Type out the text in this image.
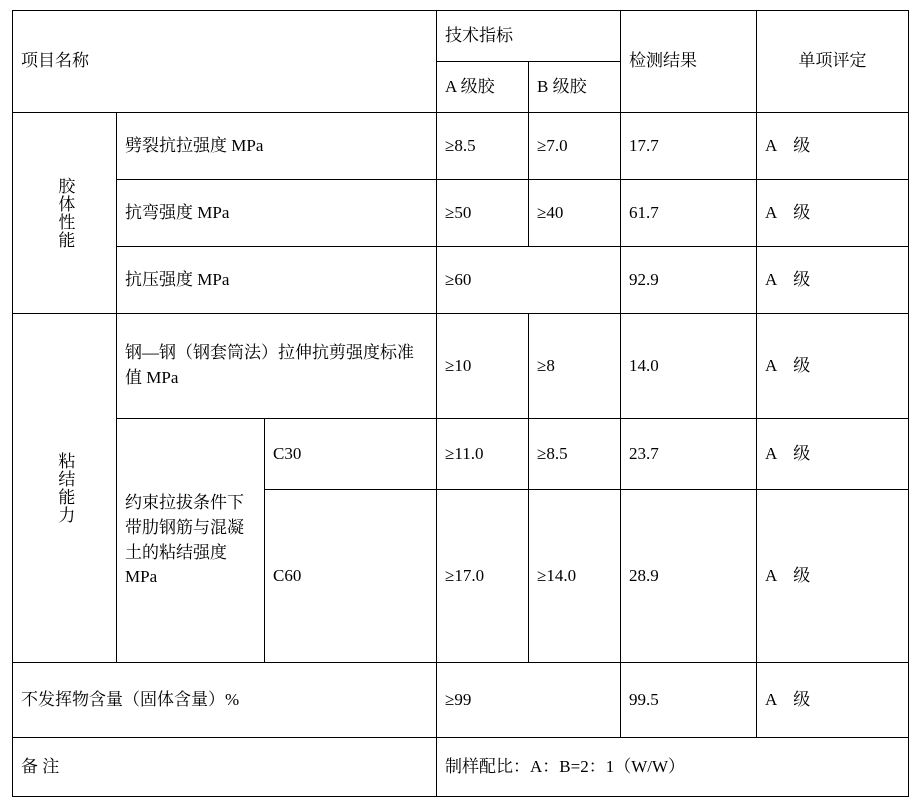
项目名称			技术指标		检测结果	单项评定
			A 级胶	B 级胶		

胶体性能	劈裂抗拉强度 MPa		≥8.5	≥7.0	17.7	A 级
	抗弯强度 MPa		≥50	≥40	61.7	A 级
	抗压强度 MPa		≥60		92.9	A 级

粘结能力	钢—钢（钢套筒法）拉伸抗剪强度标准值 MPa		≥10	≥8	14.0	A 级
	约束拉拔条件下带肋钢筋与混凝土的粘结强度 MPa	C30	≥11.0	≥8.5	23.7	A 级
		C60	≥17.0	≥14.0	28.9	A 级
不发挥物含量（固体含量）%			≥99		99.5	A 级
备 注			制样配比：A：B=2：1（W/W）			
